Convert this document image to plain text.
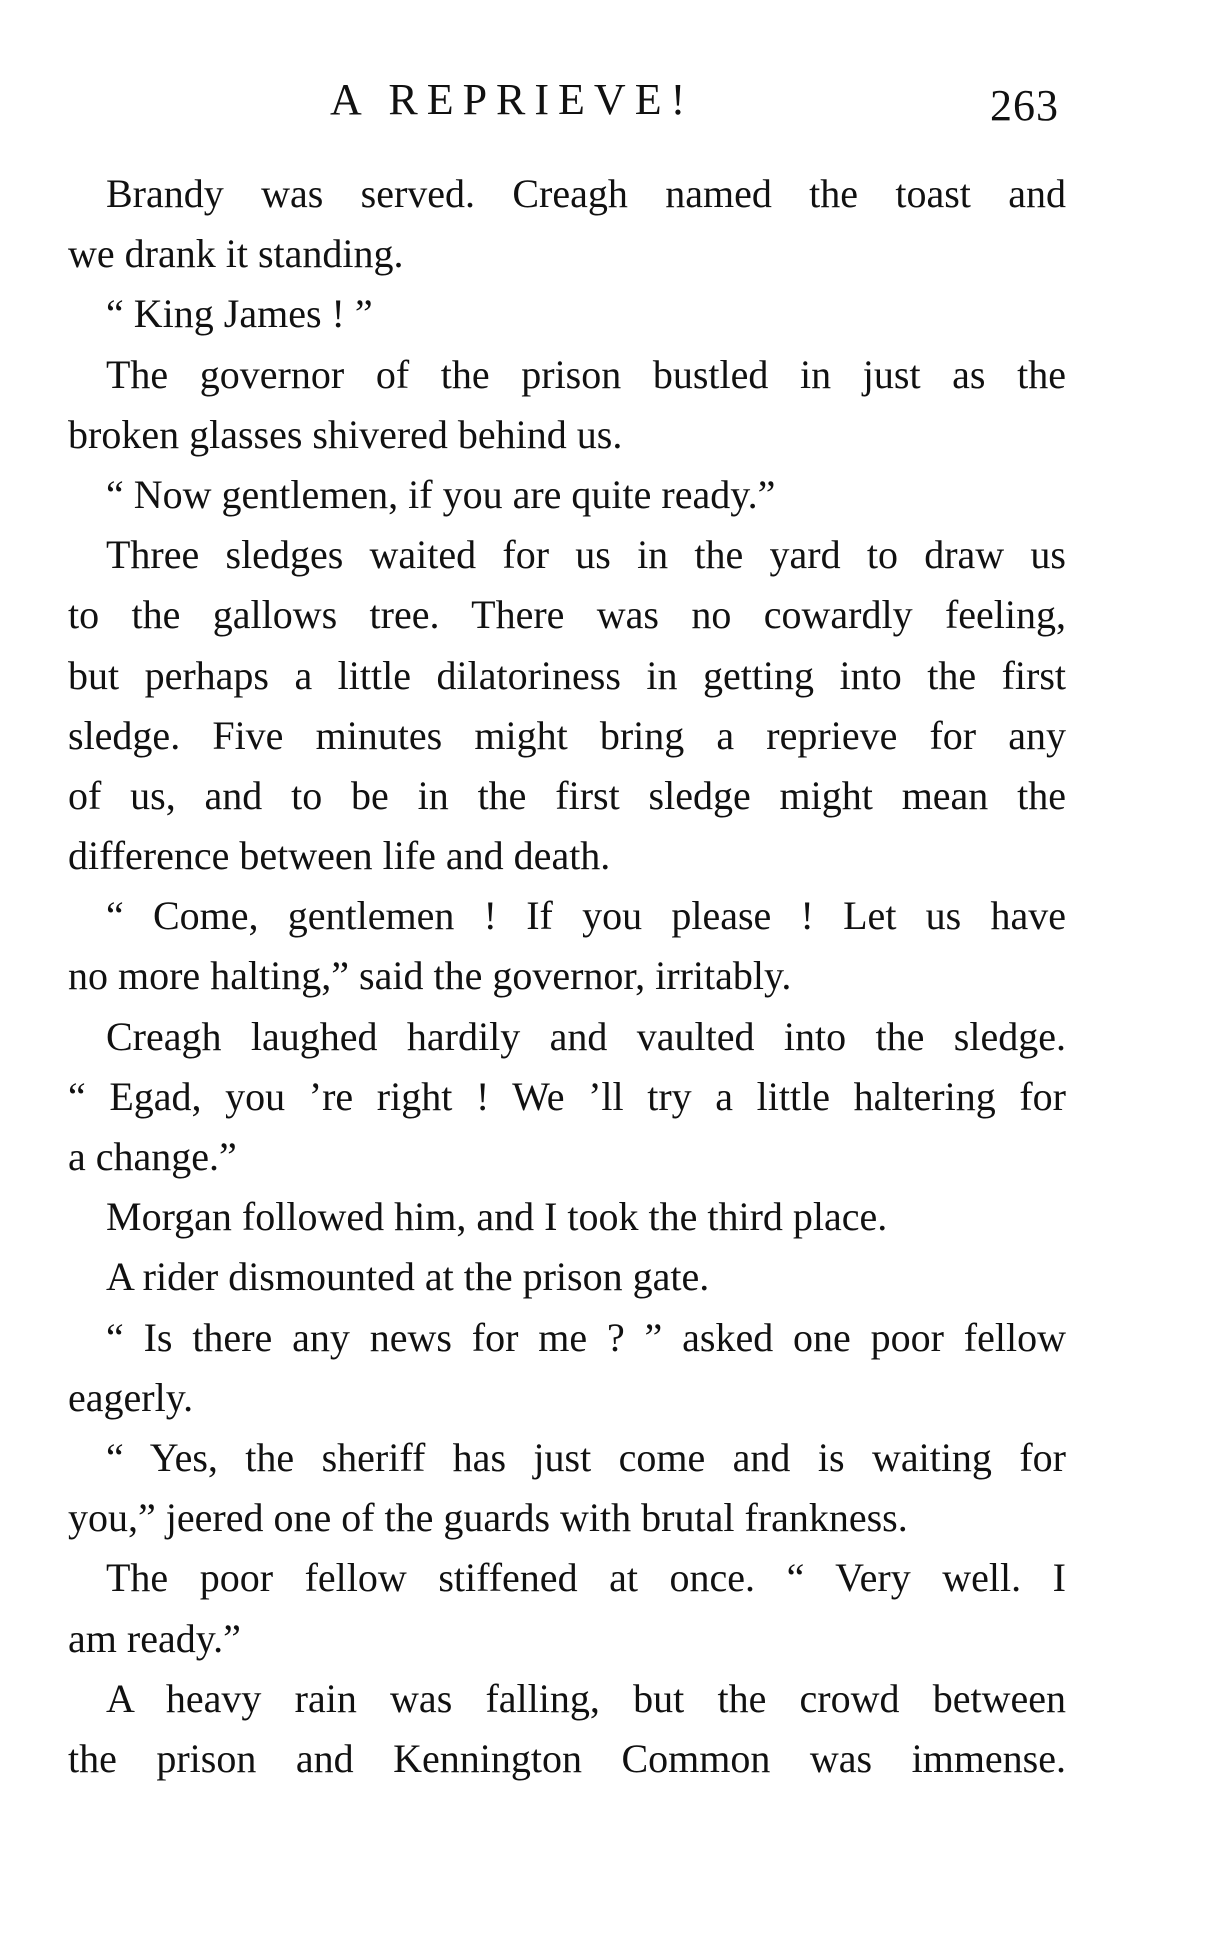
A REPRIEVE!	263
Brandy was served. Creagh named the toast and
we drank it standing.
“ King James ! ”
The governor of the prison bustled in just as the
broken glasses shivered behind us.
“ Now gentlemen, if you are quite ready.”
Three sledges waited for us in the yard to draw us
to the gallows tree. There was no cowardly feeling,
but perhaps a little dilatoriness in getting into the first
sledge. Five minutes might bring a reprieve for any
of us, and to be in the first sledge might mean the
difference between life and death.
“ Come, gentlemen ! If you please ! Let us have
no more halting,” said the governor, irritably.
Creagh laughed hardily and vaulted into the sledge.
“ Egad, you ’re right ! We ’ll try a little haltering for
a change.”
Morgan followed him, and I took the third place.
A rider dismounted at the prison gate.
“ Is there any news for me ? ” asked one poor fellow
eagerly.
“ Yes, the sheriff has just come and is waiting for
you,” jeered one of the guards with brutal frankness.
The poor fellow stiffened at once. “ Very well. I
am ready.”
A heavy rain was falling, but the crowd between
the prison and Kennington Common was immense.
